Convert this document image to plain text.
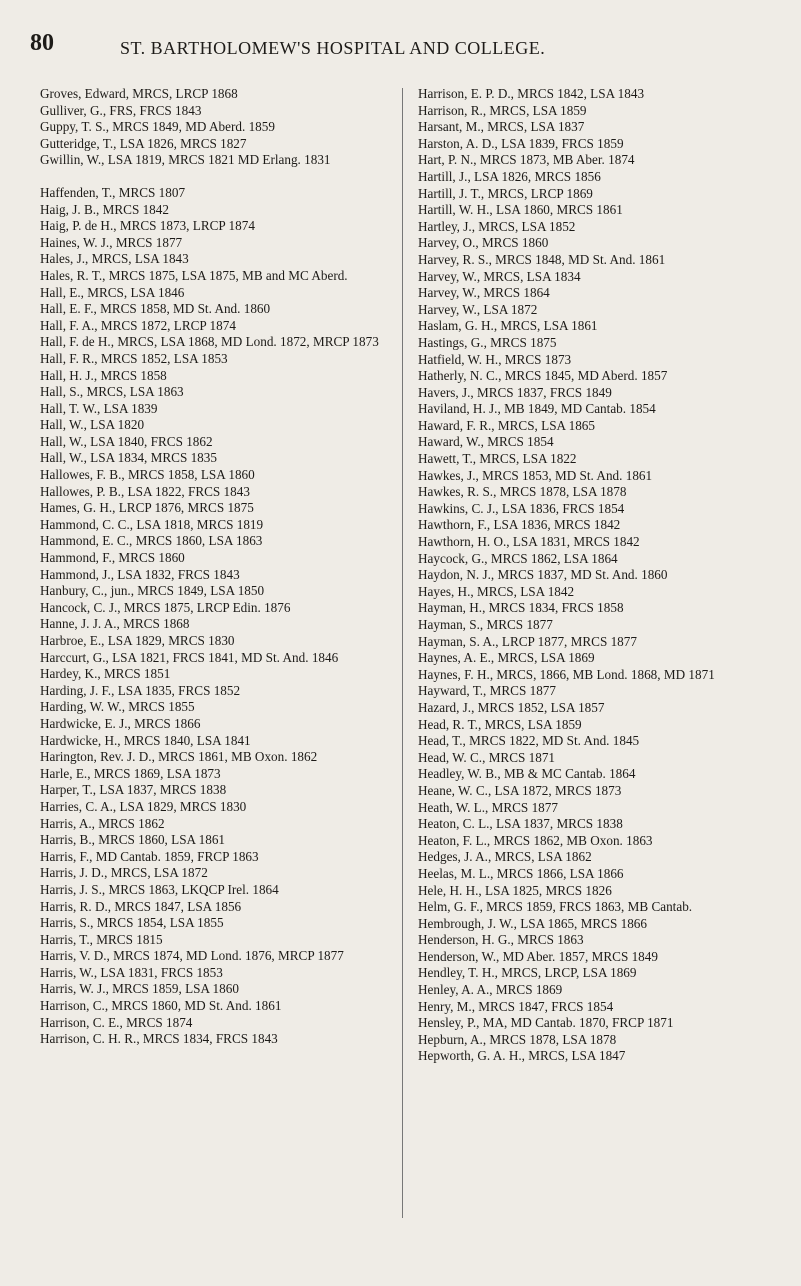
80	ST. BARTHOLOMEW'S HOSPITAL AND COLLEGE.
Groves, Edward, MRCS, LRCP 1868
Gulliver, G., FRS, FRCS 1843
Guppy, T. S., MRCS 1849, MD Aberd. 1859
Gutteridge, T., LSA 1826, MRCS 1827
Gwillin, W., LSA 1819, MRCS 1821 MD Erlang. 1831
Haffenden, T., MRCS 1807
Haig, J. B., MRCS 1842
Haig, P. de H., MRCS 1873, LRCP 1874
Haines, W. J., MRCS 1877
Hales, J., MRCS, LSA 1843
Hales, R. T., MRCS 1875, LSA 1875, MB and MC Aberd.
Hall, E., MRCS, LSA 1846
Hall, E. F., MRCS 1858, MD St. And. 1860
Hall, F. A., MRCS 1872, LRCP 1874
Hall, F. de H., MRCS, LSA 1868, MD Lond. 1872, MRCP 1873
Hall, F. R., MRCS 1852, LSA 1853
Hall, H. J., MRCS 1858
Hall, S., MRCS, LSA 1863
Hall, T. W., LSA 1839
Hall, W., LSA 1820
Hall, W., LSA 1840, FRCS 1862
Hall, W., LSA 1834, MRCS 1835
Hallowes, F. B., MRCS 1858, LSA 1860
Hallowes, P. B., LSA 1822, FRCS 1843
Hames, G. H., LRCP 1876, MRCS 1875
Hammond, C. C., LSA 1818, MRCS 1819
Hammond, E. C., MRCS 1860, LSA 1863
Hammond, F., MRCS 1860
Hammond, J., LSA 1832, FRCS 1843
Hanbury, C., jun., MRCS 1849, LSA 1850
Hancock, C. J., MRCS 1875, LRCP Edin. 1876
Hanne, J. J. A., MRCS 1868
Harbroe, E., LSA 1829, MRCS 1830
Harccurt, G., LSA 1821, FRCS 1841, MD St. And. 1846
Hardey, K., MRCS 1851
Harding, J. F., LSA 1835, FRCS 1852
Harding, W. W., MRCS 1855
Hardwicke, E. J., MRCS 1866
Hardwicke, H., MRCS 1840, LSA 1841
Harington, Rev. J. D., MRCS 1861, MB Oxon. 1862
Harle, E., MRCS 1869, LSA 1873
Harper, T., LSA 1837, MRCS 1838
Harries, C. A., LSA 1829, MRCS 1830
Harris, A., MRCS 1862
Harris, B., MRCS 1860, LSA 1861
Harris, F., MD Cantab. 1859, FRCP 1863
Harris, J. D., MRCS, LSA 1872
Harris, J. S., MRCS 1863, LKQCP Irel. 1864
Harris, R. D., MRCS 1847, LSA 1856
Harris, S., MRCS 1854, LSA 1855
Harris, T., MRCS 1815
Harris, V. D., MRCS 1874, MD Lond. 1876, MRCP 1877
Harris, W., LSA 1831, FRCS 1853
Harris, W. J., MRCS 1859, LSA 1860
Harrison, C., MRCS 1860, MD St. And. 1861
Harrison, C. E., MRCS 1874
Harrison, C. H. R., MRCS 1834, FRCS 1843
Harrison, E. P. D., MRCS 1842, LSA 1843
Harrison, R., MRCS, LSA 1859
Harsant, M., MRCS, LSA 1837
Harston, A. D., LSA 1839, FRCS 1859
Hart, P. N., MRCS 1873, MB Aber. 1874
Hartill, J., LSA 1826, MRCS 1856
Hartill, J. T., MRCS, LRCP 1869
Hartill, W. H., LSA 1860, MRCS 1861
Hartley, J., MRCS, LSA 1852
Harvey, O., MRCS 1860
Harvey, R. S., MRCS 1848, MD St. And. 1861
Harvey, W., MRCS, LSA 1834
Harvey, W., MRCS 1864
Harvey, W., LSA 1872
Haslam, G. H., MRCS, LSA 1861
Hastings, G., MRCS 1875
Hatfield, W. H., MRCS 1873
Hatherly, N. C., MRCS 1845, MD Aberd. 1857
Havers, J., MRCS 1837, FRCS 1849
Haviland, H. J., MB 1849, MD Cantab. 1854
Haward, F. R., MRCS, LSA 1865
Haward, W., MRCS 1854
Hawett, T., MRCS, LSA 1822
Hawkes, J., MRCS 1853, MD St. And. 1861
Hawkes, R. S., MRCS 1878, LSA 1878
Hawkins, C. J., LSA 1836, FRCS 1854
Hawthorn, F., LSA 1836, MRCS 1842
Hawthorn, H. O., LSA 1831, MRCS 1842
Haycock, G., MRCS 1862, LSA 1864
Haydon, N. J., MRCS 1837, MD St. And. 1860
Hayes, H., MRCS, LSA 1842
Hayman, H., MRCS 1834, FRCS 1858
Hayman, S., MRCS 1877
Hayman, S. A., LRCP 1877, MRCS 1877
Haynes, A. E., MRCS, LSA 1869
Haynes, F. H., MRCS, 1866, MB Lond. 1868, MD 1871
Hayward, T., MRCS 1877
Hazard, J., MRCS 1852, LSA 1857
Head, R. T., MRCS, LSA 1859
Head, T., MRCS 1822, MD St. And. 1845
Head, W. C., MRCS 1871
Headley, W. B., MB & MC Cantab. 1864
Heane, W. C., LSA 1872, MRCS 1873
Heath, W. L., MRCS 1877
Heaton, C. L., LSA 1837, MRCS 1838
Heaton, F. L., MRCS 1862, MB Oxon. 1863
Hedges, J. A., MRCS, LSA 1862
Heelas, M. L., MRCS 1866, LSA 1866
Hele, H. H., LSA 1825, MRCS 1826
Helm, G. F., MRCS 1859, FRCS 1863, MB Cantab.
Hembrough, J. W., LSA 1865, MRCS 1866
Henderson, H. G., MRCS 1863
Henderson, W., MD Aber. 1857, MRCS 1849
Hendley, T. H., MRCS, LRCP, LSA 1869
Henley, A. A., MRCS 1869
Henry, M., MRCS 1847, FRCS 1854
Hensley, P., MA, MD Cantab. 1870, FRCP 1871
Hepburn, A., MRCS 1878, LSA 1878
Hepworth, G. A. H., MRCS, LSA 1847
